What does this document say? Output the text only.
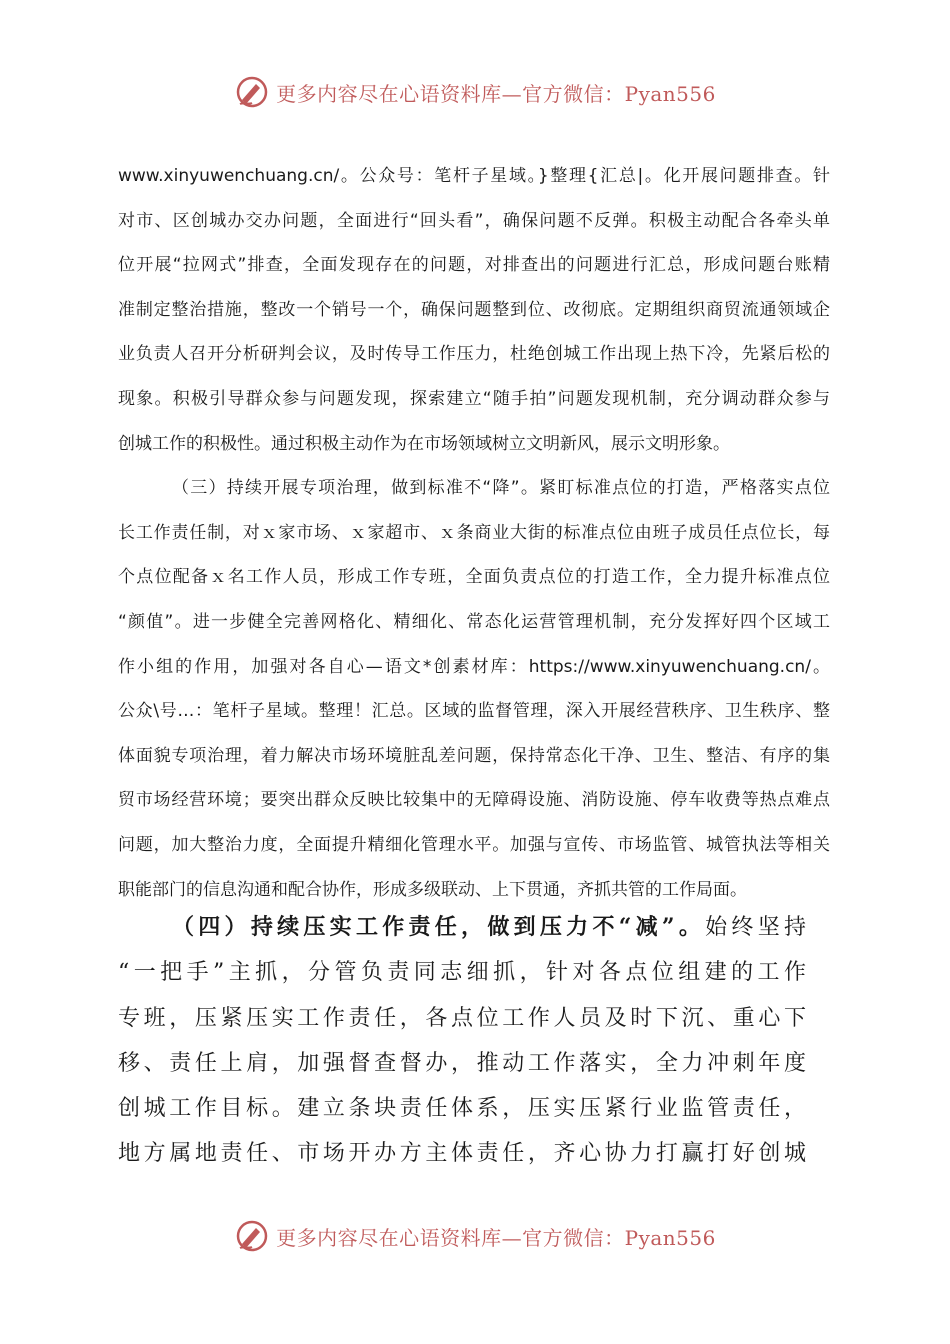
更多内容尽在心语资料库—官方微信：Pyan556
www.xinyuwenchuang.cn/。公众号：笔杆子星域。}整理{汇总|。化开展问题排查。针
对市、区创城办交办问题，全面进行“回头看”，确保问题不反弹。积极主动配合各牵头单
位开展“拉网式”排查，全面发现存在的问题，对排查出的问题进行汇总，形成问题台账精
准制定整治措施，整改一个销号一个，确保问题整到位、改彻底。定期组织商贸流通领域企
业负责人召开分析研判会议，及时传导工作压力，杜绝创城工作出现上热下冷，先紧后松的
现象。积极引导群众参与问题发现，探索建立“随手拍”问题发现机制，充分调动群众参与
创城工作的积极性。通过积极主动作为在市场领域树立文明新风，展示文明形象。
（三）持续开展专项治理，做到标准不“降”。紧盯标准点位的打造，严格落实点位
长工作责任制，对ｘ家市场、ｘ家超市、ｘ条商业大街的标准点位由班子成员任点位长，每
个点位配备ｘ名工作人员，形成工作专班，全面负责点位的打造工作，全力提升标准点位
“颜值”。进一步健全完善网格化、精细化、常态化运营管理机制，充分发挥好四个区域工
作小组的作用，加强对各自心—语文*创素材库：https://www.xinyuwenchuang.cn/。
公众\号…：笔杆子星域。整理！汇总。区域的监督管理，深入开展经营秩序、卫生秩序、整
体面貌专项治理，着力解决市场环境脏乱差问题，保持常态化干净、卫生、整洁、有序的集
贸市场经营环境；要突出群众反映比较集中的无障碍设施、消防设施、停车收费等热点难点
问题，加大整治力度，全面提升精细化管理水平。加强与宣传、市场监管、城管执法等相关
职能部门的信息沟通和配合协作，形成多级联动、上下贯通，齐抓共管的工作局面。
（四）持续压实工作责任，做到压力不“减”。始终坚持
“一把手”主抓，分管负责同志细抓，针对各点位组建的工作
专班，压紧压实工作责任，各点位工作人员及时下沉、重心下
移、责任上肩，加强督查督办，推动工作落实，全力冲刺年度
创城工作目标。建立条块责任体系，压实压紧行业监管责任，
地方属地责任、市场开办方主体责任，齐心协力打赢打好创城
更多内容尽在心语资料库—官方微信：Pyan556
